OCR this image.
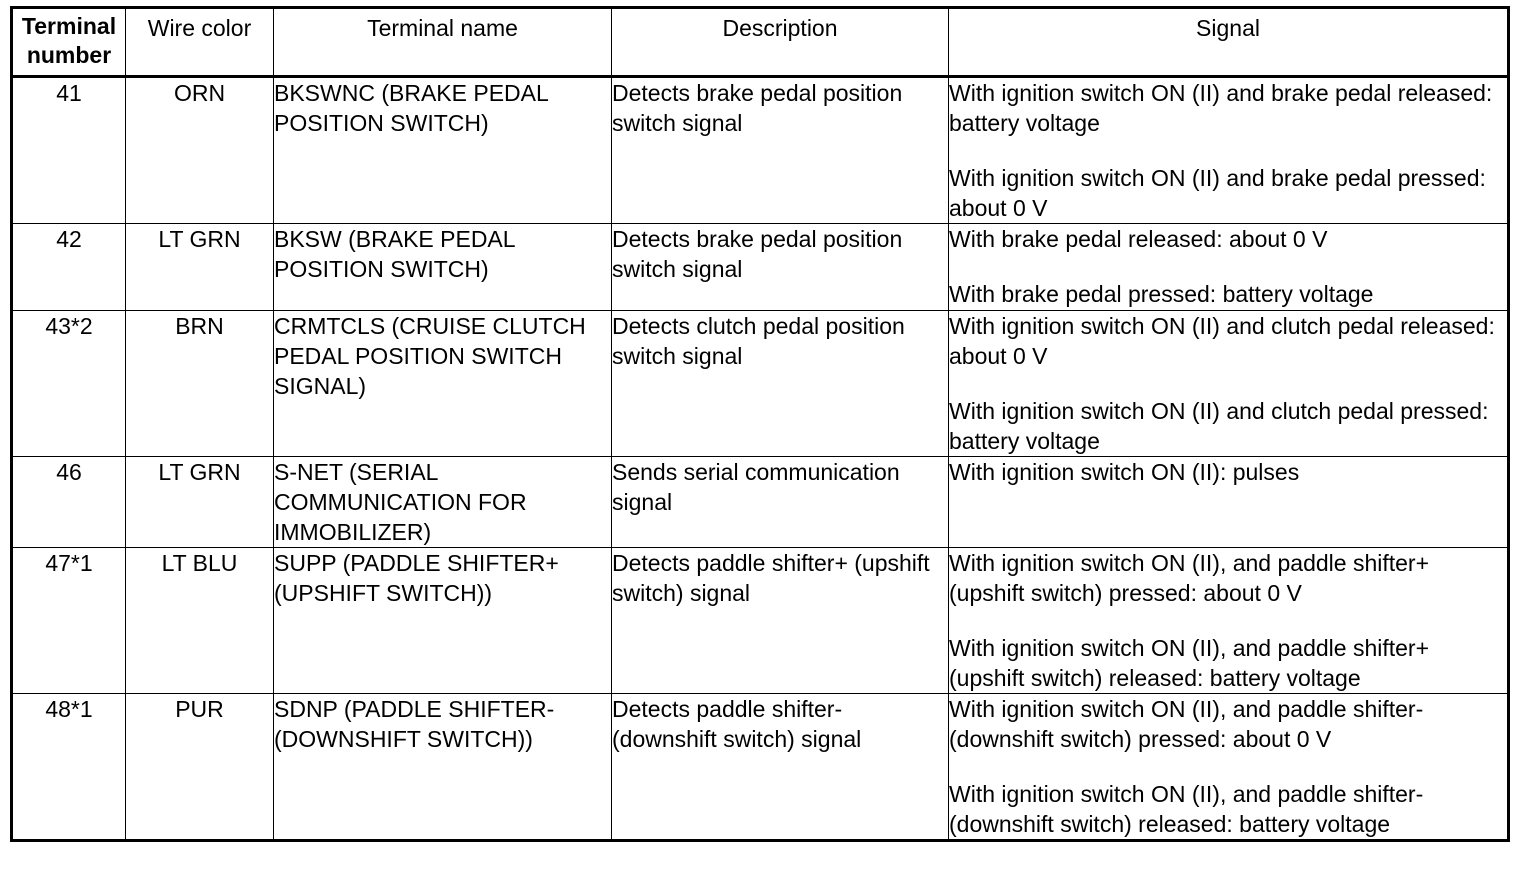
Terminal number	Wire color	Terminal name	Description	Signal
41	ORN	BKSWNC (BRAKE PEDAL POSITION SWITCH)	Detects brake pedal position switch signal	With ignition switch ON (II) and brake pedal released: battery voltage

With ignition switch ON (II) and brake pedal pressed: about 0 V

42	LT GRN	BKSW (BRAKE PEDAL POSITION SWITCH)	Detects brake pedal position switch signal	With brake pedal released: about 0 V

With brake pedal pressed: battery voltage

43*2	BRN	CRMTCLS (CRUISE CLUTCH PEDAL POSITION SWITCH SIGNAL)	Detects clutch pedal position switch signal	With ignition switch ON (II) and clutch pedal released: about 0 V

With ignition switch ON (II) and clutch pedal pressed: battery voltage

46	LT GRN	S-NET (SERIAL COMMUNICATION FOR IMMOBILIZER)	Sends serial communication signal	With ignition switch ON (II): pulses

47*1	LT BLU	SUPP (PADDLE SHIFTER+ (UPSHIFT SWITCH))	Detects paddle shifter+ (upshift switch) signal	With ignition switch ON (II), and paddle shifter+ (upshift switch) pressed: about 0 V

With ignition switch ON (II), and paddle shifter+ (upshift switch) released: battery voltage

48*1	PUR	SDNP (PADDLE SHIFTER- (DOWNSHIFT SWITCH))	Detects paddle shifter- (downshift switch) signal	With ignition switch ON (II), and paddle shifter- (downshift switch) pressed: about 0 V

With ignition switch ON (II), and paddle shifter- (downshift switch) released: battery voltage
